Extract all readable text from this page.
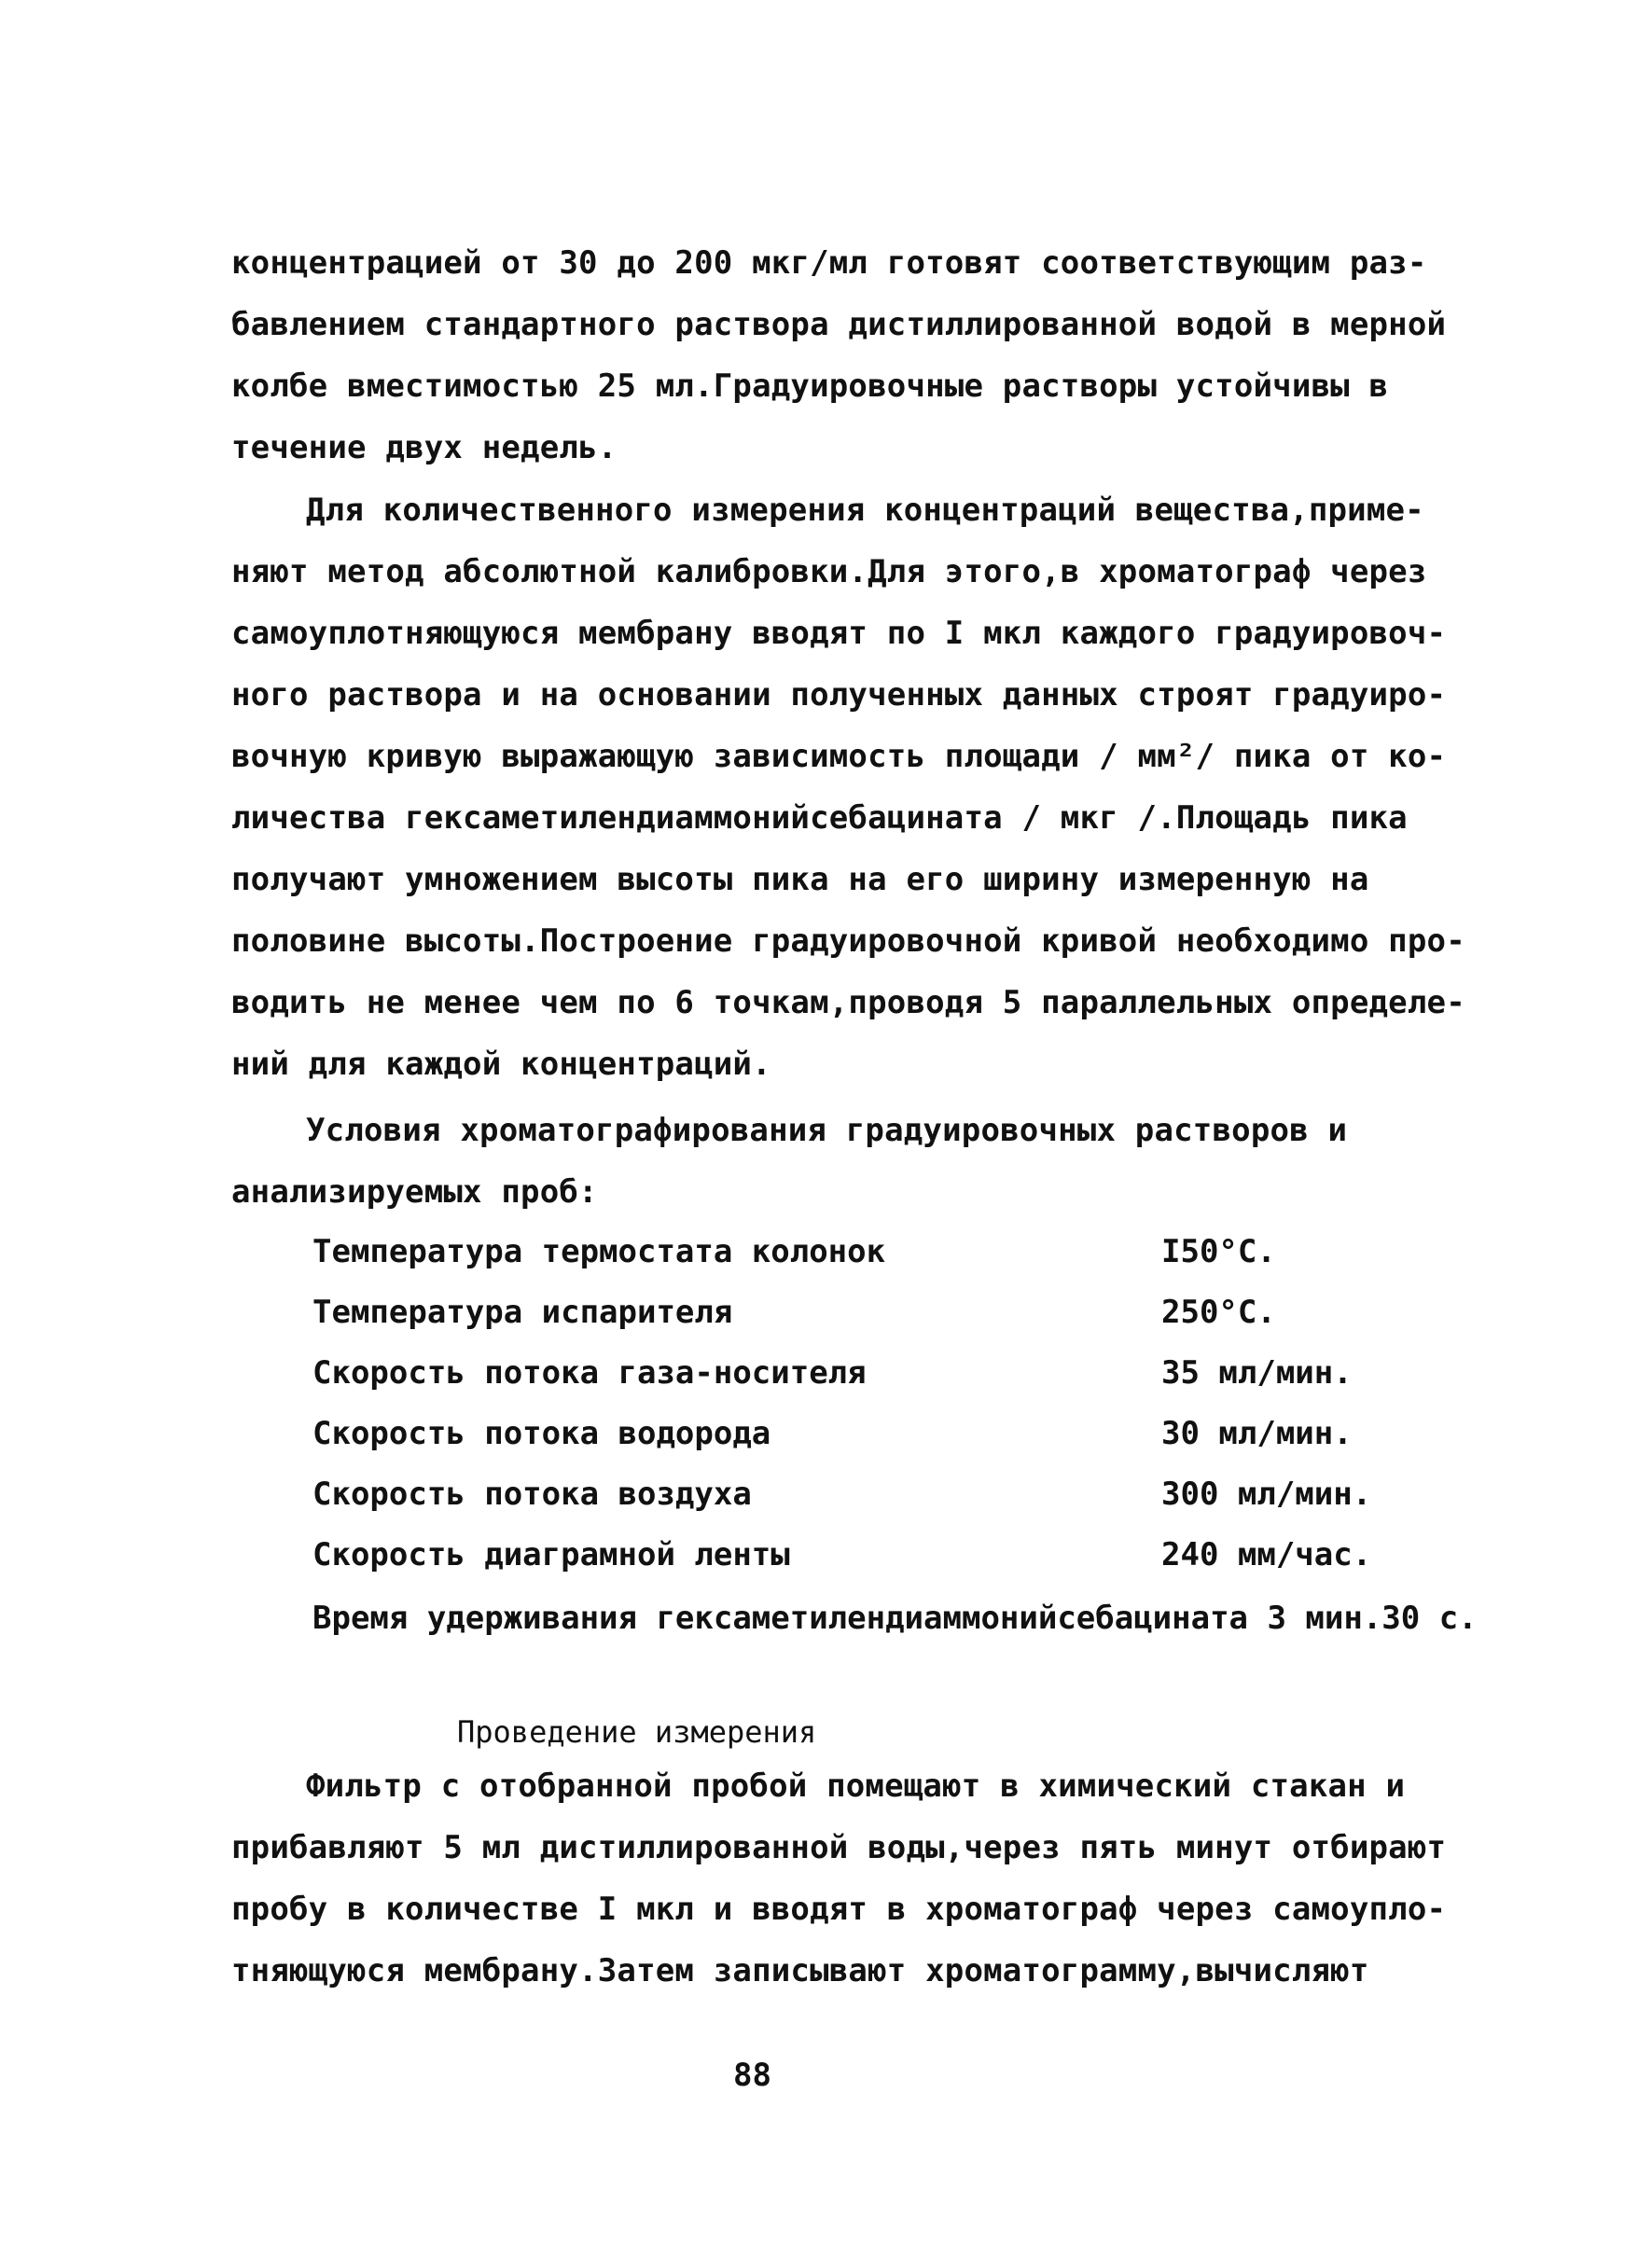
концентрацией от 30 до 200 мкг/мл готовят соответствующим раз-
бавлением стандартного раствора дистиллированной водой в мерной
колбе вместимостью 25 мл.Градуировочные растворы устойчивы в
течение двух недель.
Для количественного измерения концентраций вещества,приме-
няют метод абсолютной калибровки.Для этого,в хроматограф через
самоуплотняющуюся мембрану вводят по I мкл каждого градуировоч-
ного раствора и на основании полученных данных строят градуиро-
вочную кривую выражающую зависимость площади / мм²/ пика от ко-
личества гексаметилендиаммонийсебацината / мкг /.Площадь пика
получают умножением высоты пика на его ширину измеренную на
половине высоты.Построение градуировочной кривой необходимо про-
водить не менее чем по 6 точкам,проводя 5 параллельных определе-
ний для каждой концентраций.
Условия хроматографирования градуировочных растворов и
анализируемых проб:
Температура термостата колонок	I50°С.
Температура испарителя	250°С.
Скорость потока газа-носителя	35 мл/мин.
Скорость потока водорода	30 мл/мин.
Скорость потока воздуха	300 мл/мин.
Скорость диаграмной ленты	240 мм/час.
Время удерживания гексаметилендиаммонийсебацината 3 мин.30 с.
Проведение измерения
Фильтр с отобранной пробой помещают в химический стакан и
прибавляют 5 мл дистиллированной воды,через пять минут отбирают
пробу в количестве I мкл и вводят в хроматограф через самоупло-
тняющуюся мембрану.Затем записывают хроматограмму,вычисляют
88
